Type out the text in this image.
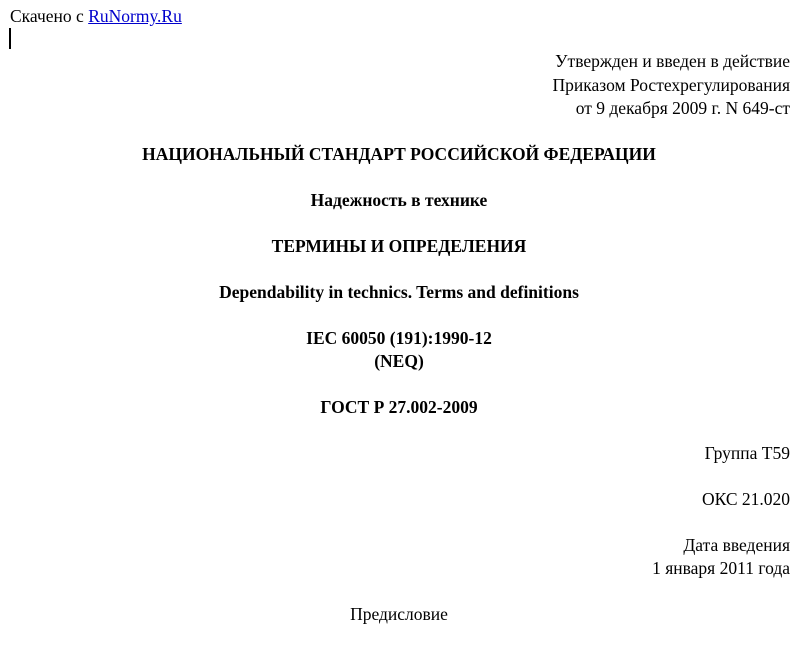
Скачено с RuNormy.Ru
Утвержден и введен в действие
Приказом Ростехрегулирования
от 9 декабря 2009 г. N 649-ст
НАЦИОНАЛЬНЫЙ СТАНДАРТ РОССИЙСКОЙ ФЕДЕРАЦИИ
Надежность в технике
ТЕРМИНЫ И ОПРЕДЕЛЕНИЯ
Dependability in technics. Terms and definitions
IEC 60050 (191):1990-12
(NEQ)
ГОСТ Р 27.002-2009
Группа Т59
ОКС 21.020
Дата введения
1 января 2011 года
Предисловие
